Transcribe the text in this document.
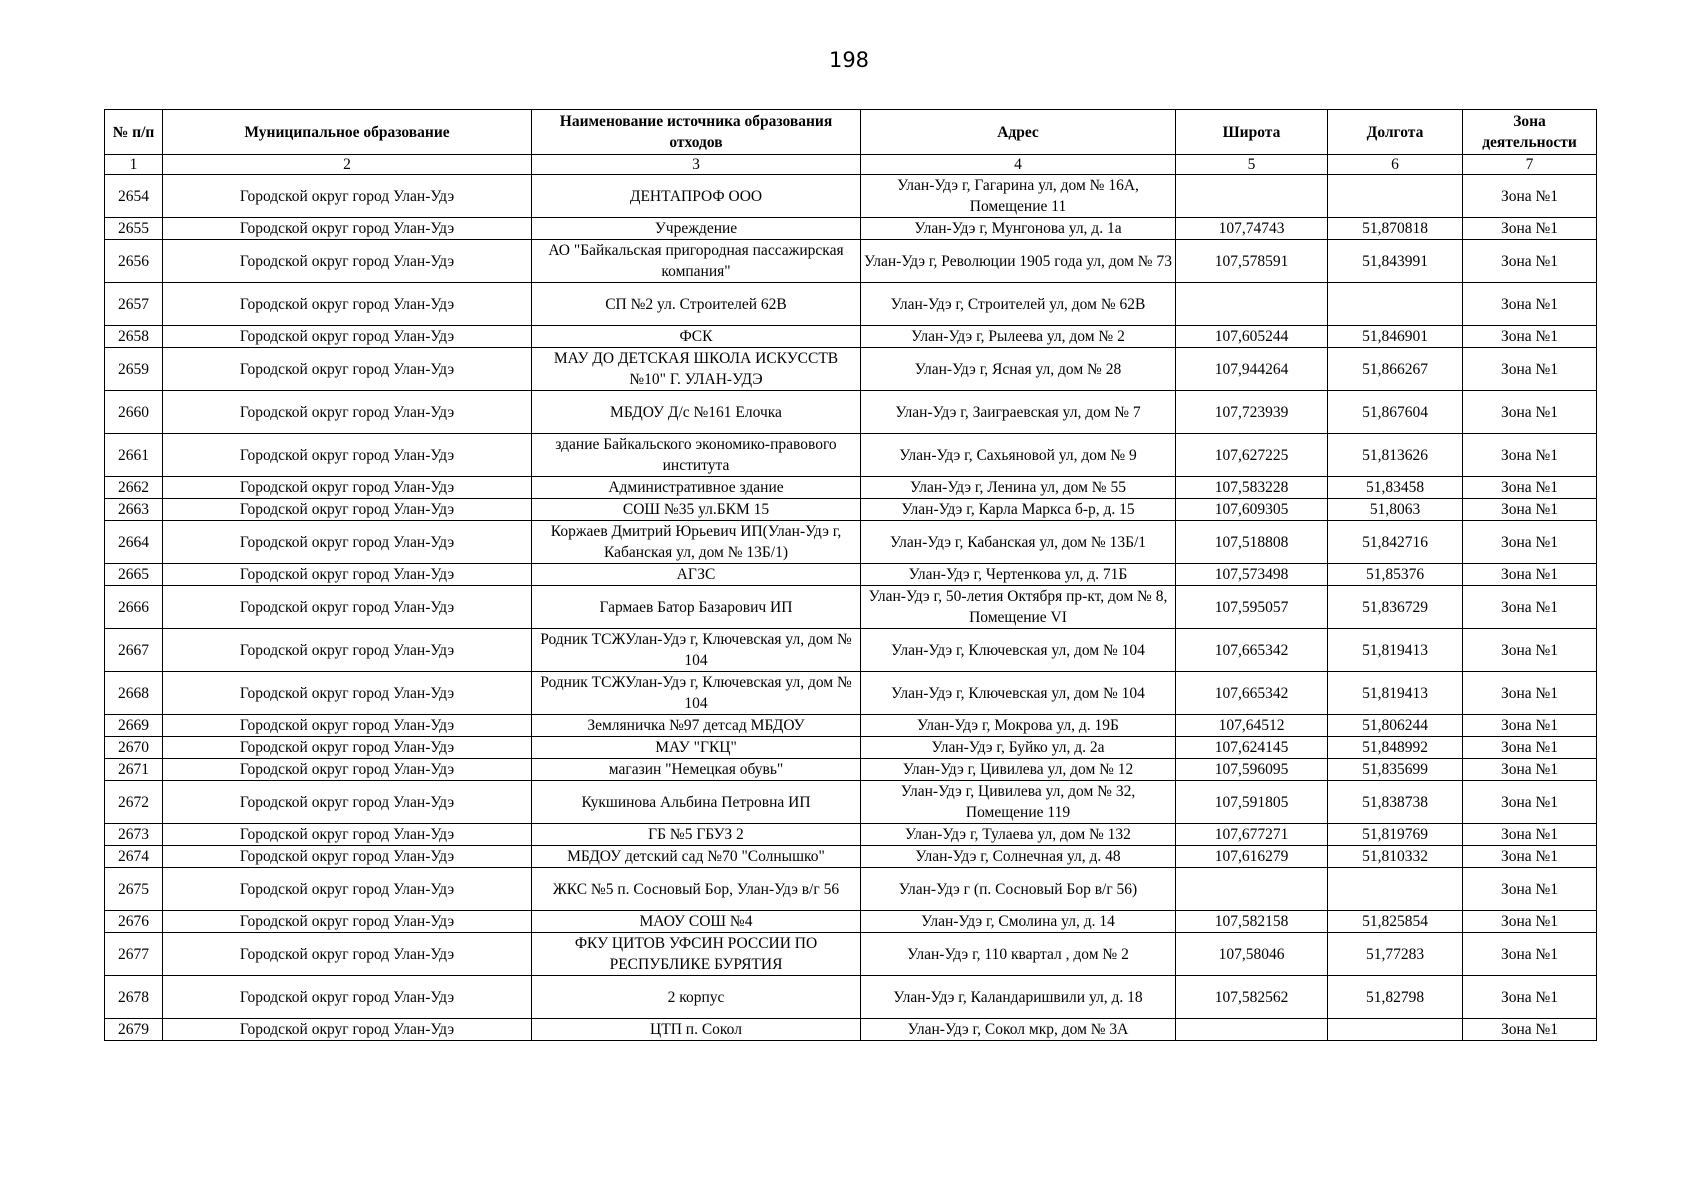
198
№ п/п	Муниципальное образование	Наименование источника образования отходов	Адрес	Широта	Долгота	Зона деятельности
1	2	3	4	5	6	7
2654	Городской округ город Улан-Удэ	ДЕНТАПРОФ ООО	Улан-Удэ г, Гагарина ул, дом № 16А, Помещение 11			Зона №1
2655	Городской округ город Улан-Удэ	Учреждение	Улан-Удэ г, Мунгонова ул, д. 1а	107,74743	51,870818	Зона №1
2656	Городской округ город Улан-Удэ	АО "Байкальская пригородная пассажирская компания"	Улан-Удэ г, Революции 1905 года ул, дом № 73	107,578591	51,843991	Зона №1
2657	Городской округ город Улан-Удэ	СП №2 ул. Строителей 62В	Улан-Удэ г, Строителей ул, дом № 62В			Зона №1
2658	Городской округ город Улан-Удэ	ФСК	Улан-Удэ г, Рылеева ул, дом № 2	107,605244	51,846901	Зона №1
2659	Городской округ город Улан-Удэ	МАУ ДО ДЕТСКАЯ ШКОЛА ИСКУССТВ №10" Г. УЛАН-УДЭ	Улан-Удэ г, Ясная ул, дом № 28	107,944264	51,866267	Зона №1
2660	Городской округ город Улан-Удэ	МБДОУ Д/с №161 Елочка	Улан-Удэ г, Заиграевская ул, дом № 7	107,723939	51,867604	Зона №1
2661	Городской округ город Улан-Удэ	здание Байкальского экономико-правового института	Улан-Удэ г, Сахьяновой ул, дом № 9	107,627225	51,813626	Зона №1
2662	Городской округ город Улан-Удэ	Административное здание	Улан-Удэ г, Ленина ул, дом № 55	107,583228	51,83458	Зона №1
2663	Городской округ город Улан-Удэ	СОШ №35 ул.БКМ 15	Улан-Удэ г, Карла Маркса б-р, д. 15	107,609305	51,8063	Зона №1
2664	Городской округ город Улан-Удэ	Коржаев Дмитрий Юрьевич ИП(Улан-Удэ г, Кабанская ул, дом № 13Б/1)	Улан-Удэ г, Кабанская ул, дом № 13Б/1	107,518808	51,842716	Зона №1
2665	Городской округ город Улан-Удэ	АГЗС	Улан-Удэ г, Чертенкова ул, д. 71Б	107,573498	51,85376	Зона №1
2666	Городской округ город Улан-Удэ	Гармаев Батор Базарович ИП	Улан-Удэ г, 50-летия Октября пр-кт, дом № 8, Помещение VI	107,595057	51,836729	Зона №1
2667	Городской округ город Улан-Удэ	Родник ТСЖУлан-Удэ г, Ключевская ул, дом № 104	Улан-Удэ г, Ключевская ул, дом № 104	107,665342	51,819413	Зона №1
2668	Городской округ город Улан-Удэ	Родник ТСЖУлан-Удэ г, Ключевская ул, дом № 104	Улан-Удэ г, Ключевская ул, дом № 104	107,665342	51,819413	Зона №1
2669	Городской округ город Улан-Удэ	Земляничка №97 детсад МБДОУ	Улан-Удэ г, Мокрова ул, д. 19Б	107,64512	51,806244	Зона №1
2670	Городской округ город Улан-Удэ	МАУ "ГКЦ"	Улан-Удэ г, Буйко ул, д. 2а	107,624145	51,848992	Зона №1
2671	Городской округ город Улан-Удэ	магазин "Немецкая обувь"	Улан-Удэ г, Цивилева ул, дом № 12	107,596095	51,835699	Зона №1
2672	Городской округ город Улан-Удэ	Кукшинова Альбина Петровна ИП	Улан-Удэ г, Цивилева ул, дом № 32, Помещение 119	107,591805	51,838738	Зона №1
2673	Городской округ город Улан-Удэ	ГБ №5 ГБУЗ 2	Улан-Удэ г, Тулаева ул, дом № 132	107,677271	51,819769	Зона №1
2674	Городской округ город Улан-Удэ	МБДОУ детский сад №70 "Солнышко"	Улан-Удэ г, Солнечная ул, д. 48	107,616279	51,810332	Зона №1
2675	Городской округ город Улан-Удэ	ЖКС №5 п. Сосновый Бор, Улан-Удэ в/г 56	Улан-Удэ г (п. Сосновый Бор в/г 56)			Зона №1
2676	Городской округ город Улан-Удэ	МАОУ СОШ №4	Улан-Удэ г, Смолина ул, д. 14	107,582158	51,825854	Зона №1
2677	Городской округ город Улан-Удэ	ФКУ ЦИТОВ УФСИН РОССИИ ПО РЕСПУБЛИКЕ БУРЯТИЯ	Улан-Удэ г, 110 квартал , дом № 2	107,58046	51,77283	Зона №1
2678	Городской округ город Улан-Удэ	2 корпус	Улан-Удэ г, Каландаришвили ул, д. 18	107,582562	51,82798	Зона №1
2679	Городской округ город Улан-Удэ	ЦТП п. Сокол	Улан-Удэ г, Сокол мкр, дом № 3А			Зона №1
